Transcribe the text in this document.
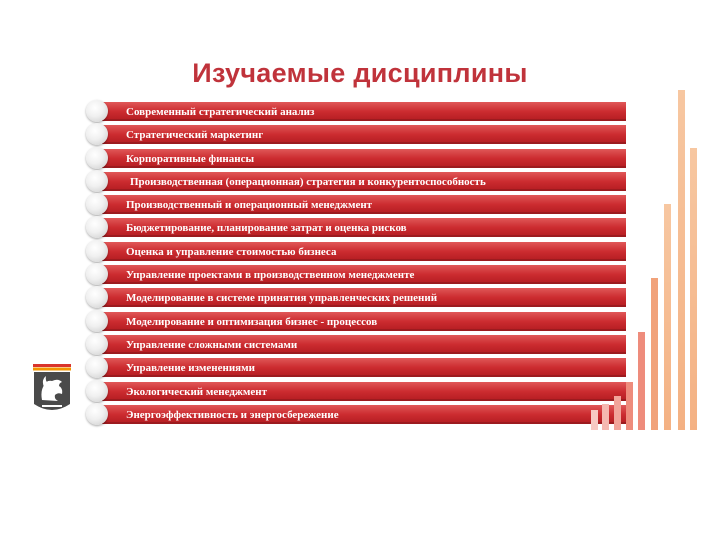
Изучаемые дисциплины
Современный стратегический анализ
Стратегический маркетинг
Корпоративные финансы
Производственная (операционная) стратегия и конкурентоспособность
Производственный и операционный менеджмент
Бюджетирование, планирование затрат и оценка рисков
Оценка и управление стоимостью бизнеса
Управление проектами в производственном менеджменте
Моделирование в системе принятия управленческих решений
Моделирование и оптимизация бизнес - процессов
Управление сложными системами
Управление изменениями
Экологический менеджмент
Энергоэффективность и энергосбережение
